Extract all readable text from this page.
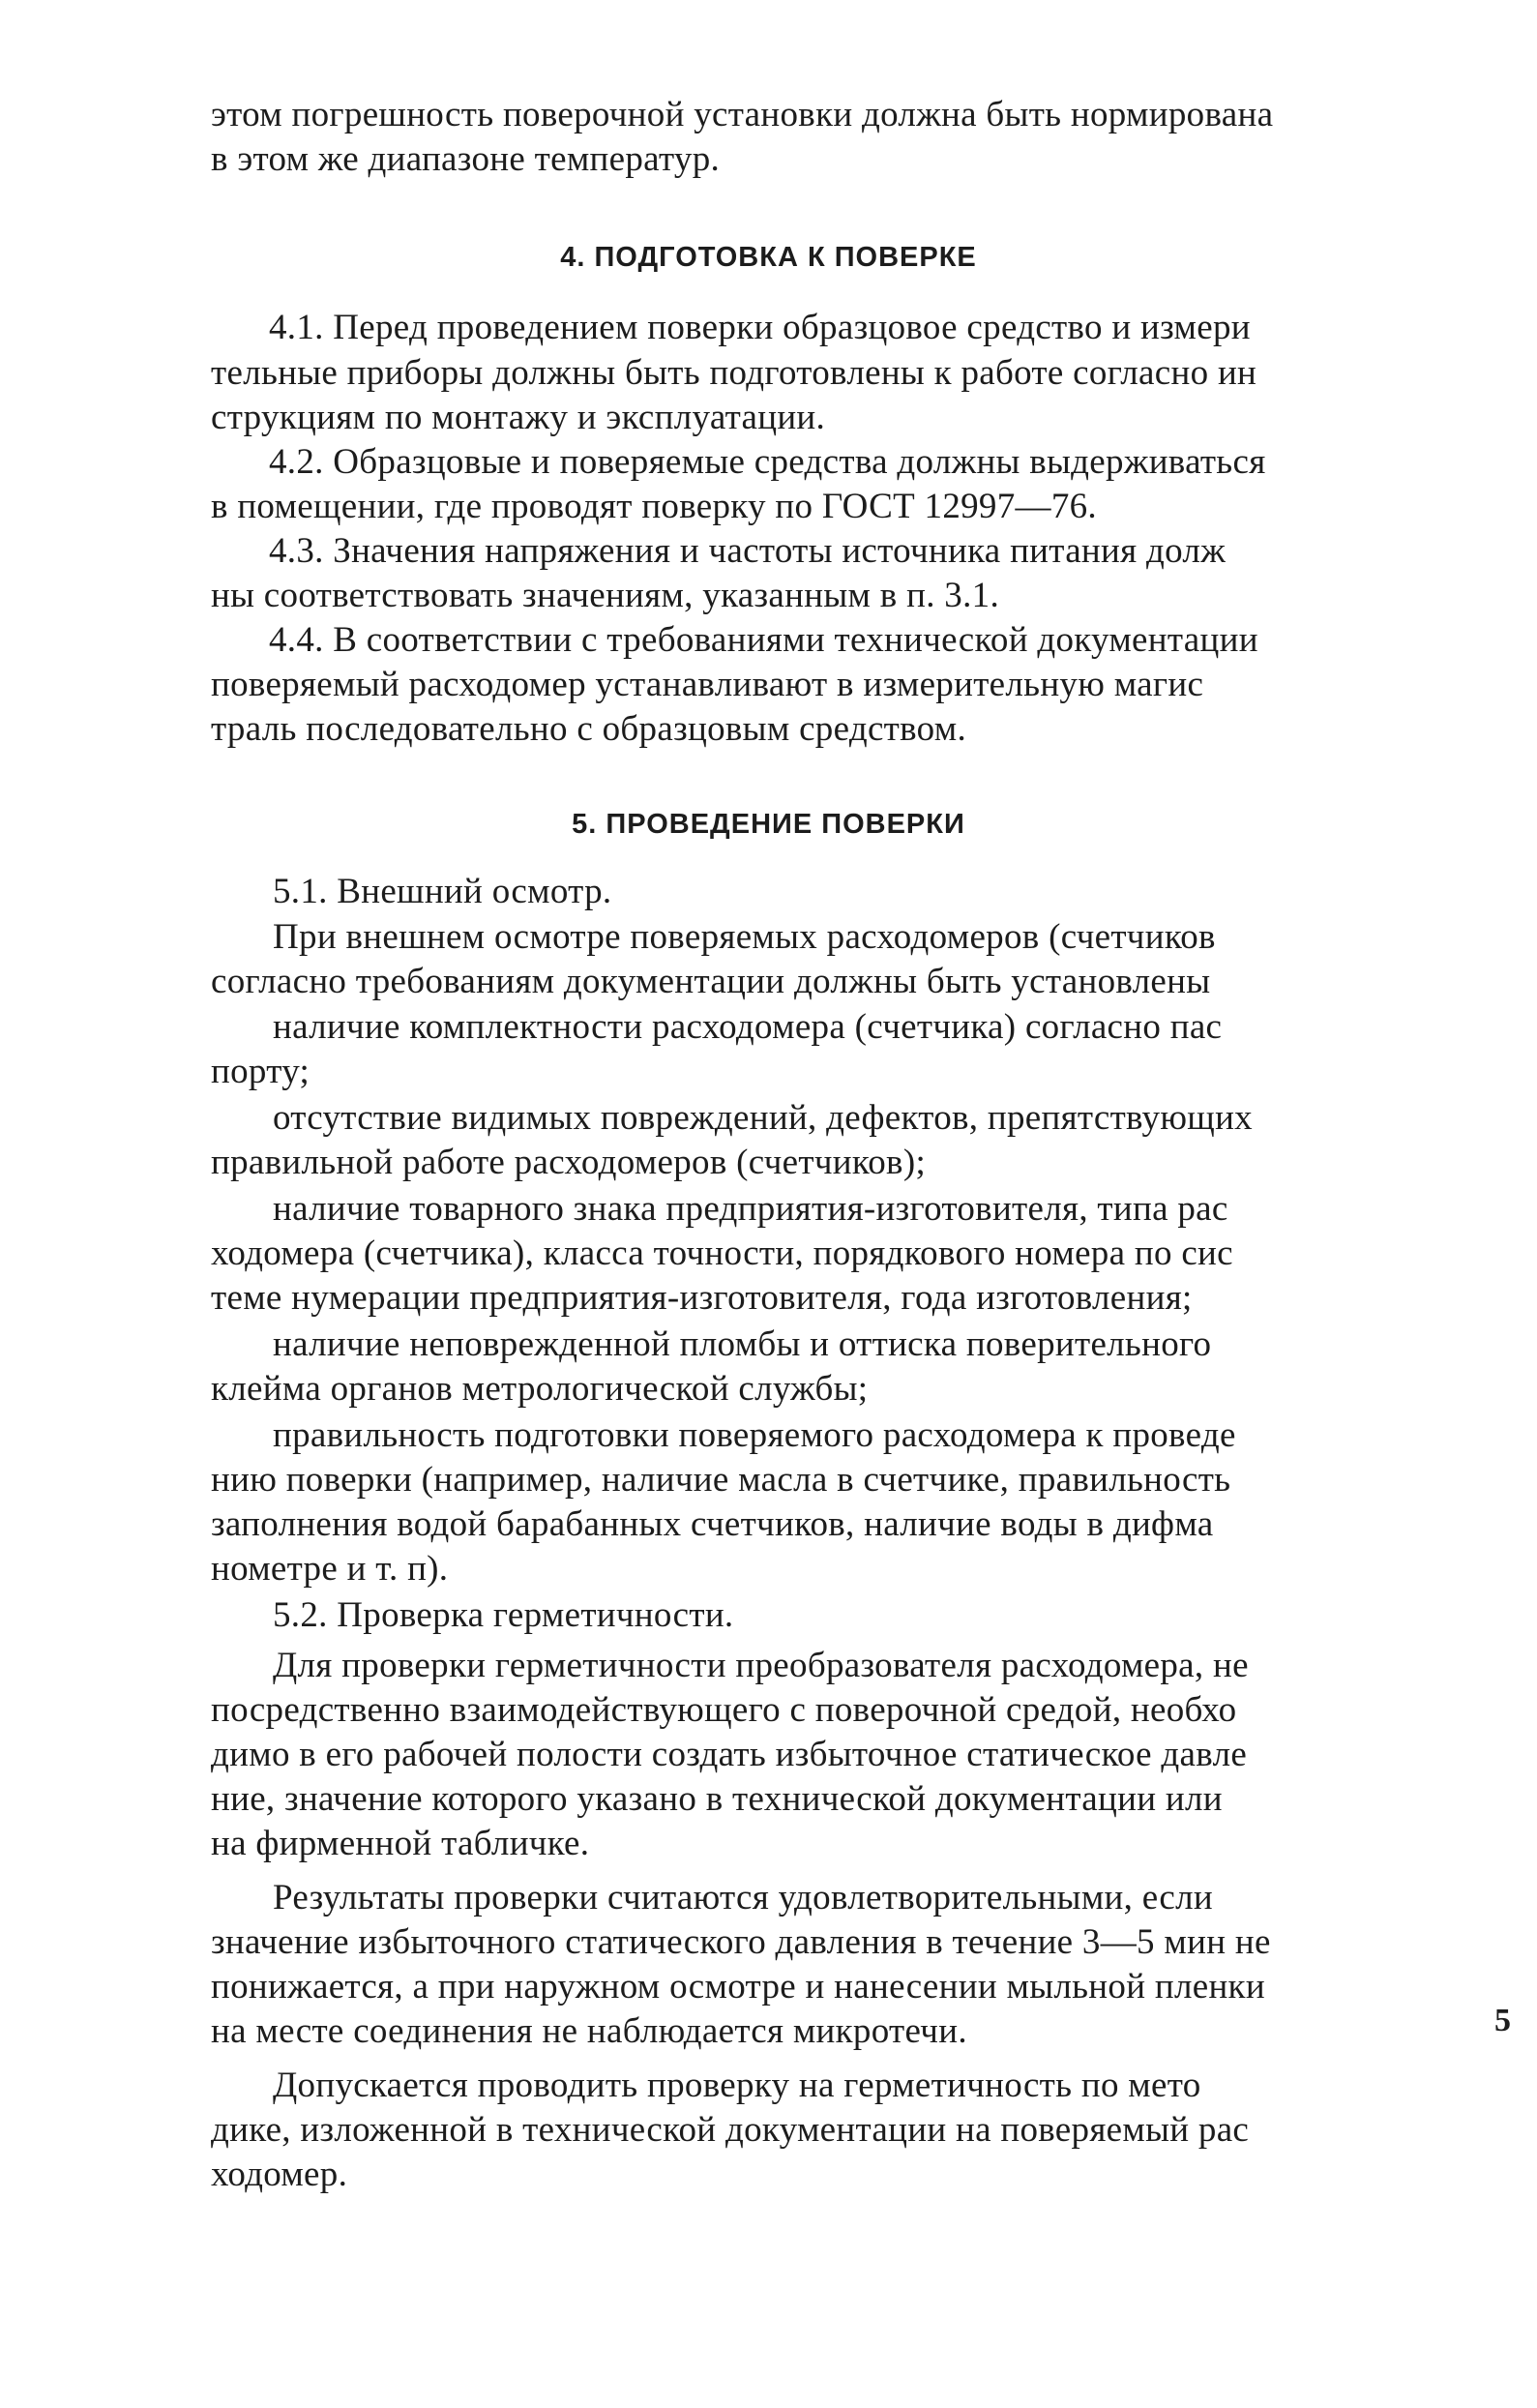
этом погрешность поверочной установки должна быть нормирована
в этом же диапазоне температур.
4. ПОДГОТОВКА К ПОВЕРКЕ
4.1. Перед проведением поверки образцовое средство и измери
тельные приборы должны быть подготовлены к работе согласно ин
струкциям по монтажу и эксплуатации.
4.2. Образцовые и поверяемые средства должны выдерживаться
в помещении, где проводят поверку по ГОСТ 12997—76.
4.3. Значения напряжения и частоты источника питания долж
ны соответствовать значениям, указанным в п. 3.1.
4.4. В соответствии с требованиями технической документации
поверяемый расходомер устанавливают в измерительную магис
траль последовательно с образцовым средством.
5. ПРОВЕДЕНИЕ ПОВЕРКИ
5.1. Внешний осмотр.
При внешнем осмотре поверяемых расходомеров (счетчиков
согласно требованиям документации должны быть установлены
наличие комплектности расходомера (счетчика) согласно пас
порту;
отсутствие видимых повреждений, дефектов, препятствующих
правильной работе расходомеров (счетчиков);
наличие товарного знака предприятия-изготовителя, типа рас
ходомера (счетчика), класса точности, порядкового номера по сис
теме нумерации предприятия-изготовителя, года изготовления;
наличие неповрежденной пломбы и оттиска поверительного
клейма органов метрологической службы;
правильность подготовки поверяемого расходомера к проведе
нию поверки (например, наличие масла в счетчике, правильность
заполнения водой барабанных счетчиков, наличие воды в дифма
нометре и т. п).
5.2. Проверка герметичности.
Для проверки герметичности преобразователя расходомера, не
посредственно взаимодействующего с поверочной средой, необхо
димо в его рабочей полости создать избыточное статическое давле
ние, значение которого указано в технической документации или
на фирменной табличке.
Результаты проверки считаются удовлетворительными, если
значение избыточного статического давления в течение 3—5 мин не
понижается, а при наружном осмотре и нанесении мыльной пленки
на месте соединения не наблюдается микротечи.
Допускается проводить проверку на герметичность по мето
дике, изложенной в технической документации на поверяемый рас
ходомер.
5
